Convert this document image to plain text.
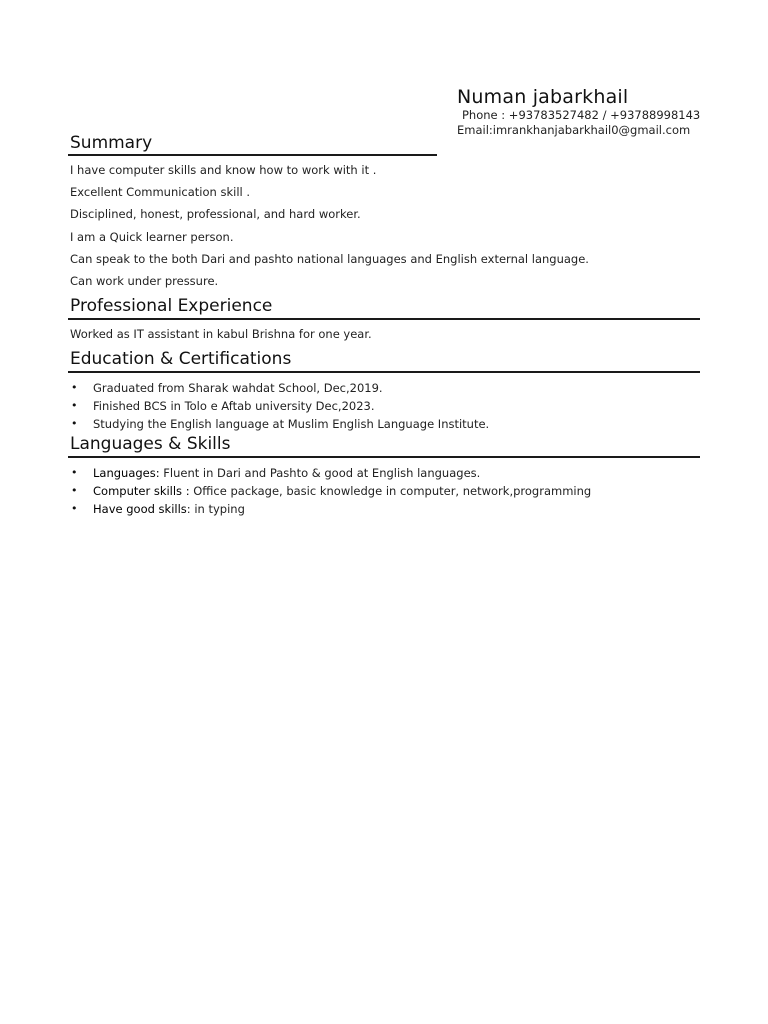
Numan jabarkhail
Phone : +93783527482 / +93788998143
Email:imrankhanjabarkhail0@gmail.com
Summary
I have computer skills and know how to work with it .
Excellent Communication skill .
Disciplined, honest, professional, and hard worker.
I am a Quick learner person.
Can speak to the both Dari and pashto national languages and English external language.
Can work under pressure.
Professional Experience
Worked as IT assistant in kabul Brishna for one year.
Education & Certifications
• Graduated from Sharak wahdat School, Dec,2019.
• Finished BCS in Tolo e Aftab university Dec,2023.
• Studying the English language at Muslim English Language Institute.
Languages & Skills
• Languages: Fluent in Dari and Pashto & good at English languages.
• Computer skills : Office package, basic knowledge in computer, network,programming
• Have good skills: in typing
